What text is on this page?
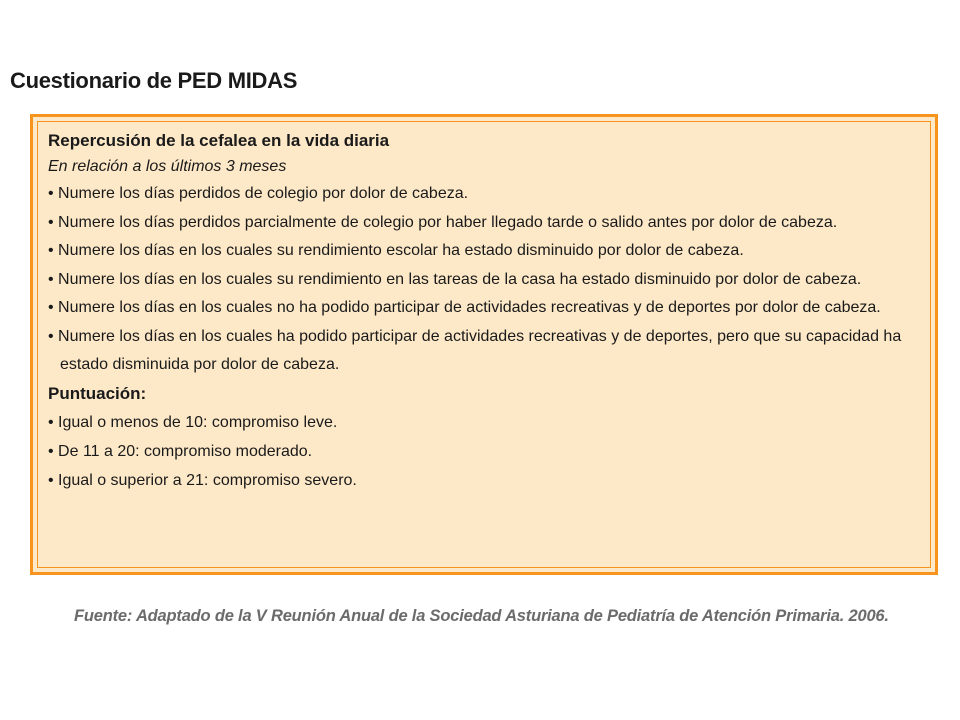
Cuestionario de PED MIDAS

Repercusión de la cefalea en la vida diaria

En relación a los últimos 3 meses

• Numere los días perdidos de colegio por dolor de cabeza.
• Numere los días perdidos parcialmente de colegio por haber llegado tarde o salido antes por dolor de cabeza.
• Numere los días en los cuales su rendimiento escolar ha estado disminuido por dolor de cabeza.
• Numere los días en los cuales su rendimiento en las tareas de la casa ha estado disminuido por dolor de cabeza.
• Numere los días en los cuales no ha podido participar de actividades recreativas y de deportes por dolor de cabeza.
• Numere los días en los cuales ha podido participar de actividades recreativas y de deportes, pero que su capacidad ha estado disminuida por dolor de cabeza.

Puntuación:

• Igual o menos de 10: compromiso leve.
• De 11 a 20: compromiso moderado.
• Igual o superior a 21: compromiso severo.
Fuente: Adaptado de la V Reunión Anual de la Sociedad Asturiana de Pediatría de Atención Primaria. 2006.
